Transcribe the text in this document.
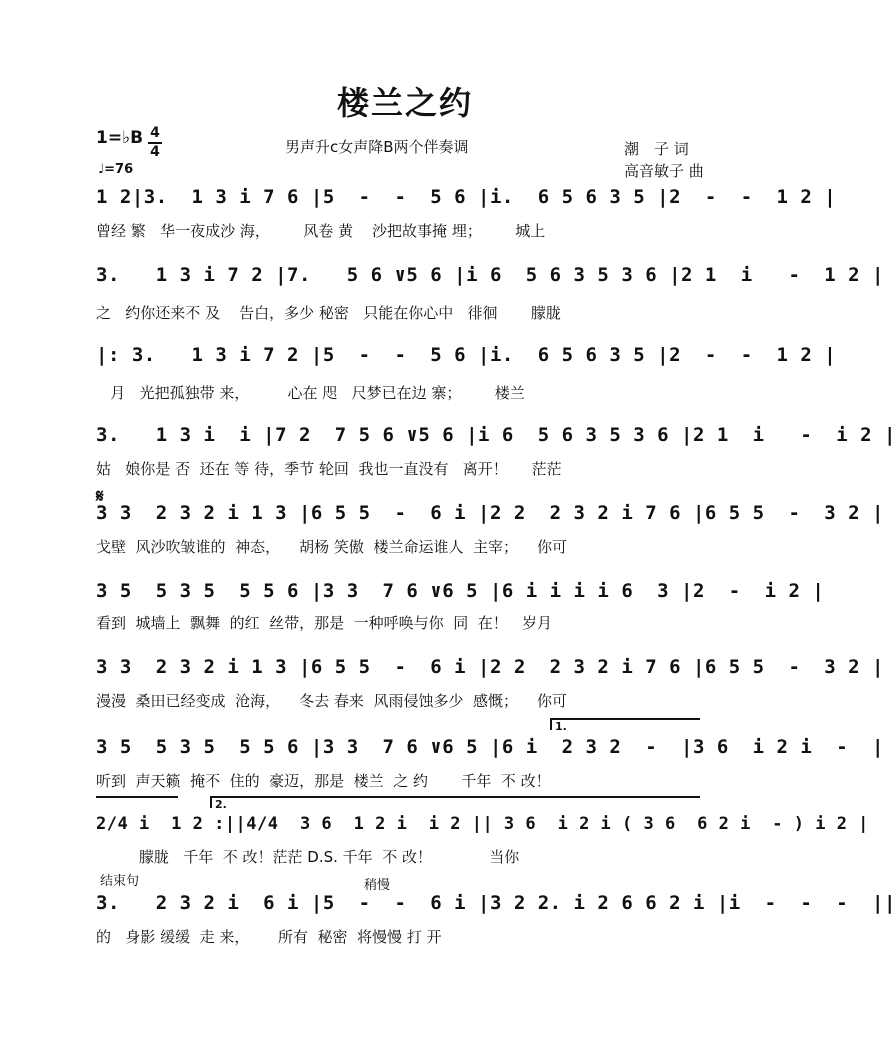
楼兰之约
1=♭B 4
4
♩=76
男声升c女声降B两个伴奏调	潮　子 词
高音敏子 曲
1 2|3.  1 3 i 7 6 |5  -  -  5 6 |i.  6 5 6 3 5 |2  -  -  1 2 |
曾经 繁   华一夜成沙 海，       风卷 黄    沙把故事掩 埋；       城上
3.   1 3 i 7 2 |7.   5 6 ∨5 6 |i 6  5 6 3 5 3 6 |2 1  i   -  1 2 |
之   约你还来不 及    告白，多少 秘密   只能在你心中   徘徊       朦胧
|: 3.   1 3 i 7 2 |5  -  -  5 6 |i.  6 5 6 3 5 |2  -  -  1 2 |
月   光把孤独带 来，        心在 咫   尺梦已在边 寨；       楼兰
3.   1 3 i  i |7 2  7 5 6 ∨5 6 |i 6  5 6 3 5 3 6 |2 1  i   -  i 2 |
姑   娘你是 否  还在 等 待，季节 轮回  我也一直没有   离开！     茫茫
𝄋
3 3  2 3 2 i 1 3 |6 5 5  -  6 i |2 2  2 3 2 i 7 6 |6 5 5  -  3 2 |
戈壁  风沙吹皱谁的  神态，    胡杨 笑傲  楼兰命运谁人  主宰；    你可
3 5  5 3 5  5 5 6 |3 3  7 6 ∨6 5 |6 i i i i 6  3 |2  -  i 2 |
看到  城墙上  飘舞  的红  丝带，那是  一种呼唤与你  同  在！   岁月
3 3  2 3 2 i 1 3 |6 5 5  -  6 i |2 2  2 3 2 i 7 6 |6 5 5  -  3 2 |
漫漫  桑田已经变成  沧海，    冬去 春来  风雨侵蚀多少  感慨；    你可
1.
3 5  5 3 5  5 5 6 |3 3  7 6 ∨6 5 |6 i  2 3 2  -  |3 6  i 2 i  -  |
听到  声天籁  掩不  住的  豪迈，那是  楼兰  之 约       千年  不 改！
2.
2/4 i  1 2 :||4/4  3 6  1 2 i  i 2 || 3 6  i 2 i ( 3 6  6 2 i  - ) i 2 |
朦胧   千年  不 改！茫茫 D.S. 千年  不 改！            当你
结束句	稍慢
3.   2 3 2 i  6 i |5  -  -  6 i |3 2 2. i 2 6 6 2 i |i  -  -  -  ||
的   身影 缓缓  走 来，      所有  秘密  将慢慢 打 开
